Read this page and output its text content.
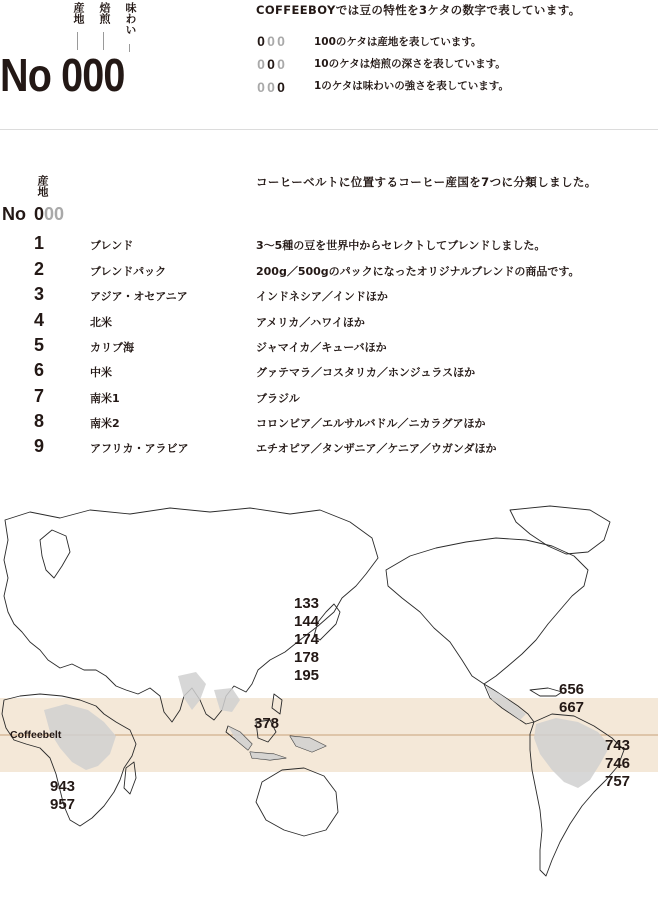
産地 焙煎 味わい
No 000
COFFEEBOYでは豆の特性を3ケタの数字で表しています。
0 0 0	100のケタは産地を表しています。
0 0 0	10のケタは焙煎の深さを表しています。
0 0 0	1のケタは味わいの強さを表しています。
産地	コーヒーベルトに位置するコーヒー産国を7つに分類しました。
No 000
1	ブレンド	3〜5種の豆を世界中からセレクトしてブレンドしました。
2	ブレンドパック	200g／500gのパックになったオリジナルブレンドの商品です。
3	アジア・オセアニア	インドネシア／インドほか
4	北米	アメリカ／ハワイほか
5	カリブ海	ジャマイカ／キューバほか
6	中米	グァテマラ／コスタリカ／ホンジュラスほか
7	南米1	ブラジル
8	南米2	コロンビア／エルサルバドル／ニカラグアほか
9	アフリカ・アラビア	エチオピア／タンザニア／ケニア／ウガンダほか
Coffeebelt
133
144
174
178
195
378
656
667
743
746
757
943
957
